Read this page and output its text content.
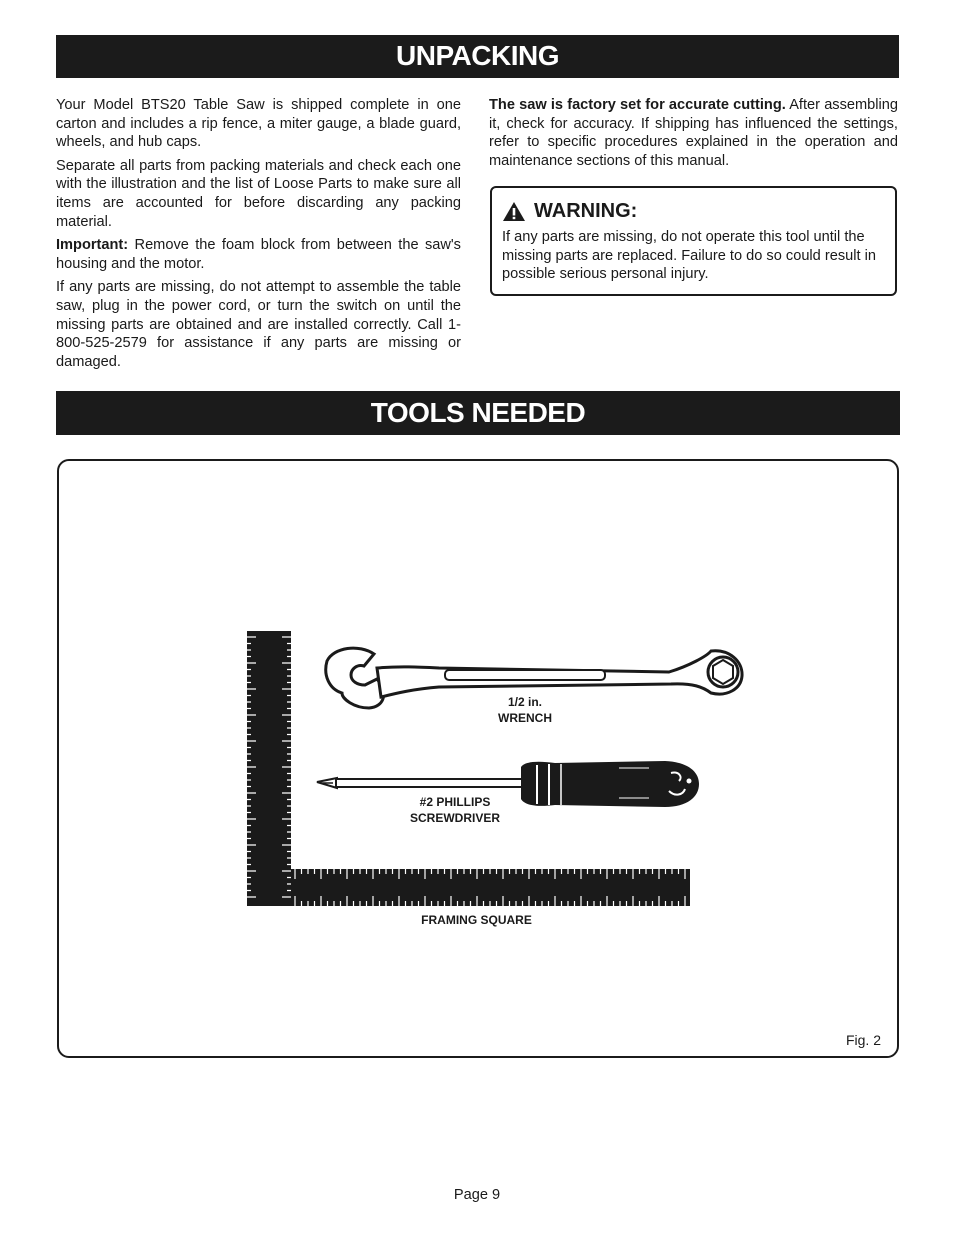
UNPACKING

Your Model BTS20 Table Saw is shipped complete in one carton and includes a rip fence, a miter gauge, a blade guard, wheels, and hub caps.

Separate all parts from packing materials and check each one with the illustration and the list of Loose Parts to make sure all items are accounted for before discarding any packing material.

Important: Remove the foam block from between the saw's housing and the motor.

If any parts are missing, do not attempt to assemble the table saw, plug in the power cord, or turn the switch on until the missing parts are obtained and are installed correctly. Call 1-800-525-2579 for assistance if any parts are missing or damaged.

The saw is factory set for accurate cutting. After assembling it, check for accuracy. If shipping has influenced the settings, refer to specific procedures explained in the operation and maintenance sections of this manual.

WARNING:
If any parts are missing, do not operate this tool until the missing parts are replaced. Failure to do so could result in possible serious personal injury.
TOOLS NEEDED
1/2 in.
WRENCH
#2 PHILLIPS
SCREWDRIVER
FRAMING SQUARE
Fig. 2
Page 9
